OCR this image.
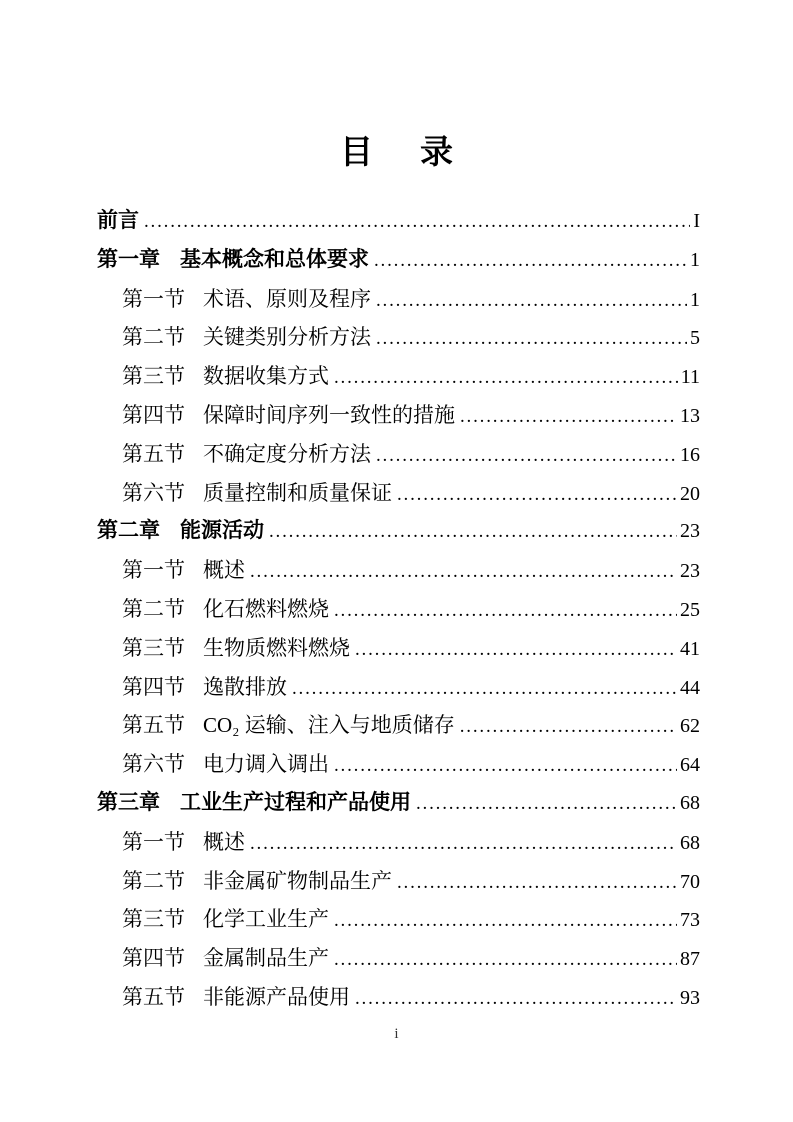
目　录
前言 .....	I
第一章 基本概念和总体要求 .....	1
第一节 术语、原则及程序 .....	1
第二节 关键类别分析方法 .....	5
第三节 数据收集方式 .....	11
第四节 保障时间序列一致性的措施 .....	13
第五节 不确定度分析方法 .....	16
第六节 质量控制和质量保证 .....	20
第二章 能源活动 .....	23
第一节 概述 .....	23
第二节 化石燃料燃烧 .....	25
第三节 生物质燃料燃烧 .....	41
第四节 逸散排放 .....	44
第五节 CO₂ 运输、注入与地质储存 .....	62
第六节 电力调入调出 .....	64
第三章 工业生产过程和产品使用 .....	68
第一节 概述 .....	68
第二节 非金属矿物制品生产 .....	70
第三节 化学工业生产 .....	73
第四节 金属制品生产 .....	87
第五节 非能源产品使用 .....	93
i
